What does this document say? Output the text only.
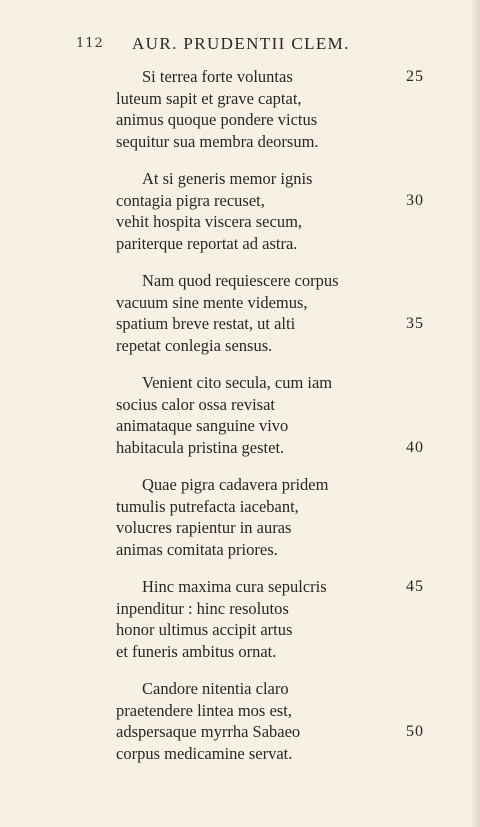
112 AUR. PRUDENTII CLEM.
Si terrea forte voluntas	25
luteum sapit et grave captat,
animus quoque pondere victus
sequitur sua membra deorsum.
At si generis memor ignis
contagia pigra recuset,	30
vehit hospita viscera secum,
pariterque reportat ad astra.
Nam quod requiescere corpus
vacuum sine mente videmus,
spatium breve restat, ut alti	35
repetat conlegia sensus.
Venient cito secula, cum iam
socius calor ossa revisat
animataque sanguine vivo
habitacula pristina gestet.	40
Quae pigra cadavera pridem
tumulis putrefacta iacebant,
volucres rapientur in auras
animas comitata priores.
Hinc maxima cura sepulcris	45
inpenditur : hinc resolutos
honor ultimus accipit artus
et funeris ambitus ornat.
Candore nitentia claro
praetendere lintea mos est,
adspersaque myrrha Sabaeo	50
corpus medicamine servat.
